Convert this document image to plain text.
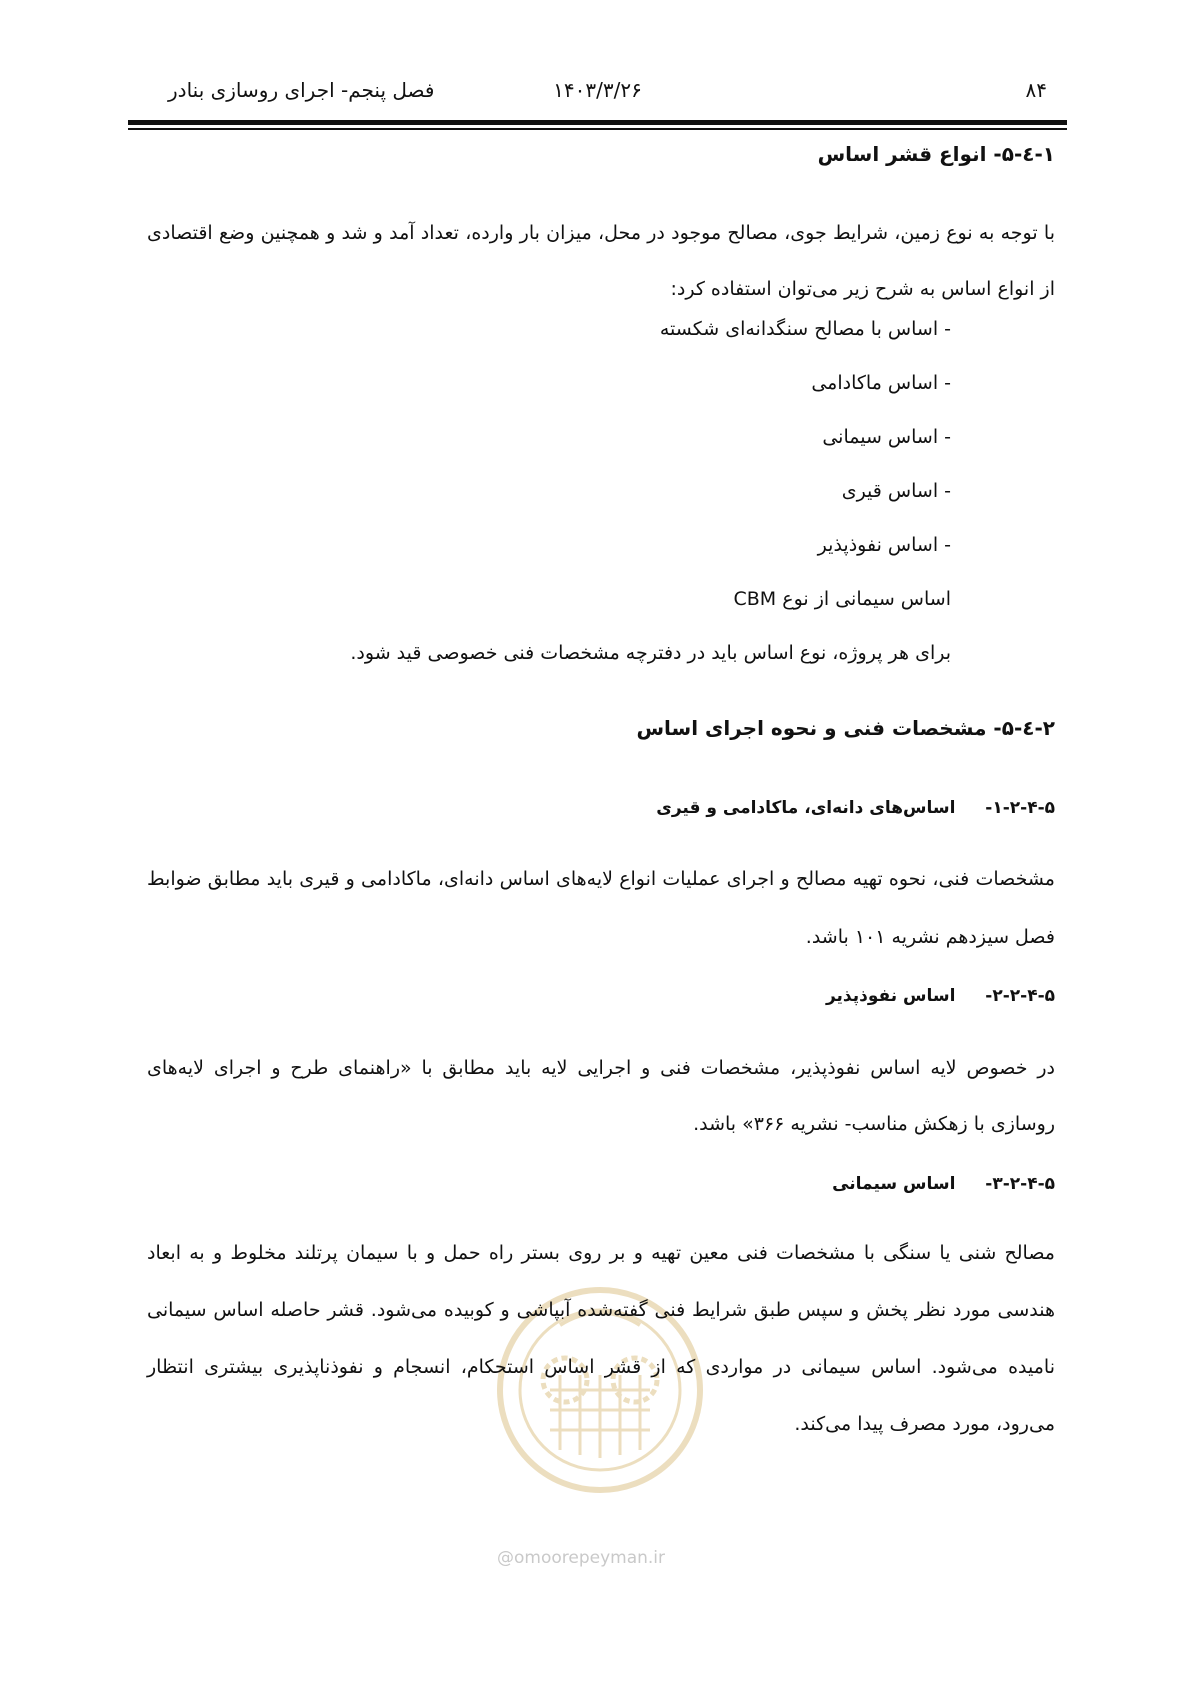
۸۴
۱۴۰۳/۳/۲۶
فصل پنجم- اجرای روسازی بنادر
۱-٤-۵- انواع قشر اساس
با توجه به نوع زمین، شرایط جوی، مصالح موجود در محل، میزان بار وارده، تعداد آمد و شد و همچنین وضع اقتصادی از انواع اساس به شرح زیر می‌توان استفاده کرد:
- اساس با مصالح سنگدانه‌ای شکسته
- اساس ماکادامی
- اساس سیمانی
- اساس قیری
- اساس نفوذپذیر
اساس سیمانی از نوع CBM
برای هر پروژه، نوع اساس باید در دفترچه مشخصات فنی خصوصی قید شود.
۲-٤-۵- مشخصات فنی و نحوه اجرای اساس
۱-۲-۴-۵-  اساس‌های دانه‌ای، ماکادامی و قیری
مشخصات فنی، نحوه تهیه مصالح و اجرای عملیات انواع لایه‌های اساس دانه‌ای، ماکادامی و قیری باید مطابق ضوابط فصل سیزدهم نشریه ۱۰۱ باشد.
۲-۲-۴-۵-  اساس نفوذپذیر
در خصوص لایه اساس نفوذپذیر، مشخصات فنی و اجرایی لایه باید مطابق با «راهنمای طرح و اجرای لایه‌های روسازی با زهکش مناسب- نشریه ۳۶۶» باشد.
۳-۲-۴-۵-  اساس سیمانی
مصالح شنی یا سنگی با مشخصات فنی معین تهیه و بر روی بستر راه حمل و با سیمان پرتلند مخلوط و به ابعاد هندسی مورد نظر پخش و سپس طبق شرایط فنی گفته‌شده آبپاشی و کوبیده می‌شود. قشر حاصله اساس سیمانی نامیده می‌شود. اساس سیمانی در مواردی که از قشر اساس استحکام، انسجام و نفوذناپذیری بیشتری انتظار می‌رود، مورد مصرف پیدا می‌کند.
@omoorepeyman.ir
